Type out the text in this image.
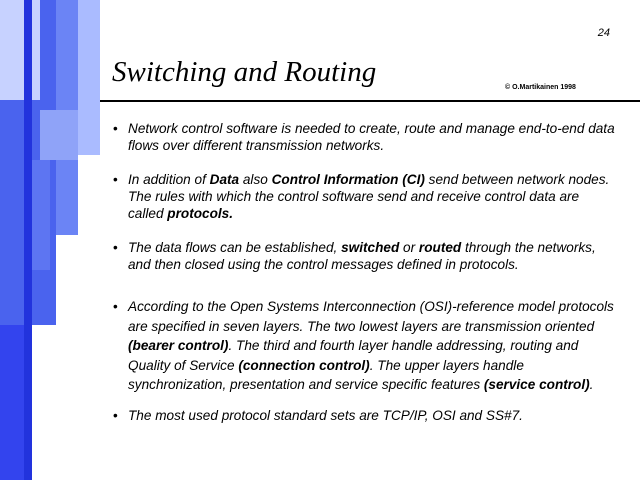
24
Switching and Routing	© O.Martikainen 1998
• Network control software is needed to create, route and manage end-to-end data flows over different transmission networks.
• In addition of Data also Control Information (CI) send between network nodes. The rules with which the control software send and receive control data are called protocols.
• The data flows can be established, switched or routed through the networks, and then closed using the control messages defined in protocols.
• According to the Open Systems Interconnection (OSI)-reference model protocols are specified in seven layers. The two lowest layers are transmission oriented (bearer control). The third and fourth layer handle addressing, routing and Quality of Service (connection control). The upper layers handle synchronization, presentation and service specific features (service control).
• The most used protocol standard sets are TCP/IP, OSI and SS#7.
